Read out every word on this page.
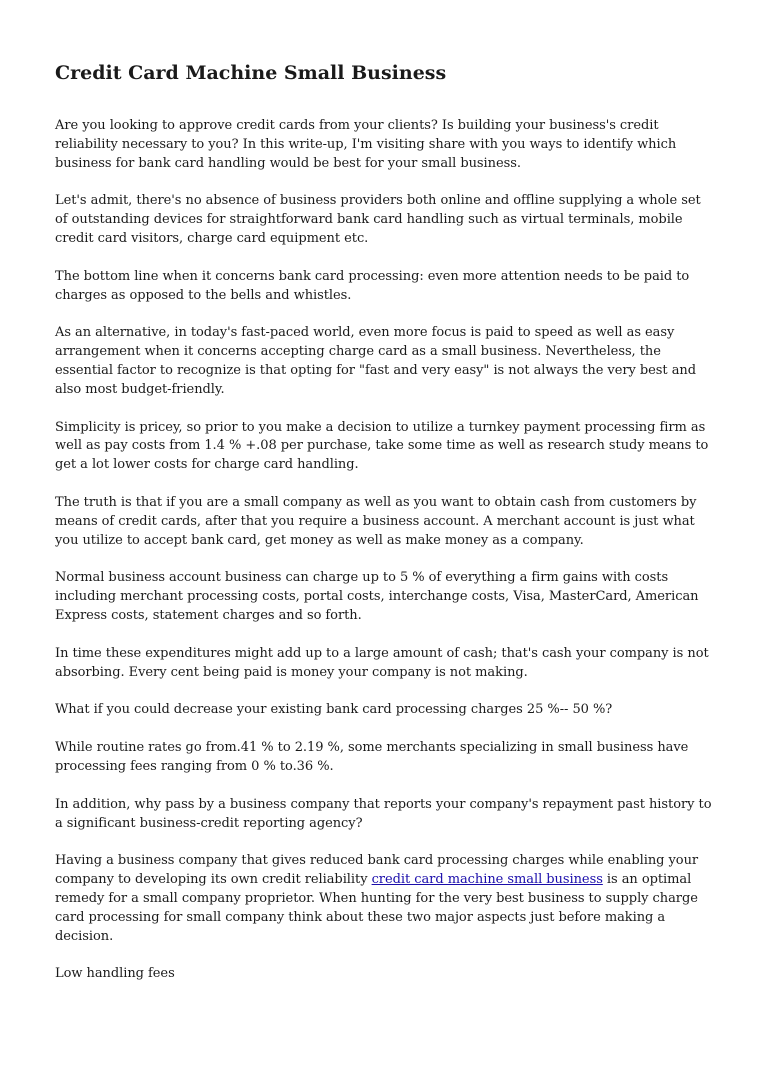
Credit Card Machine Small Business

Are you looking to approve credit cards from your clients? Is building your business's credit reliability necessary to you? In this write-up, I'm visiting share with you ways to identify which business for bank card handling would be best for your small business.

Let's admit, there's no absence of business providers both online and offline supplying a whole set of outstanding devices for straightforward bank card handling such as virtual terminals, mobile credit card visitors, charge card equipment etc.

The bottom line when it concerns bank card processing: even more attention needs to be paid to charges as opposed to the bells and whistles.

As an alternative, in today's fast-paced world, even more focus is paid to speed as well as easy arrangement when it concerns accepting charge card as a small business. Nevertheless, the essential factor to recognize is that opting for "fast and very easy" is not always the very best and also most budget-friendly.

Simplicity is pricey, so prior to you make a decision to utilize a turnkey payment processing firm as well as pay costs from 1.4 % +.08 per purchase, take some time as well as research study means to get a lot lower costs for charge card handling.

The truth is that if you are a small company as well as you want to obtain cash from customers by means of credit cards, after that you require a business account. A merchant account is just what you utilize to accept bank card, get money as well as make money as a company.

Normal business account business can charge up to 5 % of everything a firm gains with costs including merchant processing costs, portal costs, interchange costs, Visa, MasterCard, American Express costs, statement charges and so forth.

In time these expenditures might add up to a large amount of cash; that's cash your company is not absorbing. Every cent being paid is money your company is not making.

What if you could decrease your existing bank card processing charges 25 %-- 50 %?

While routine rates go from.41 % to 2.19 %, some merchants specializing in small business have processing fees ranging from 0 % to.36 %.

In addition, why pass by a business company that reports your company's repayment past history to a significant business-credit reporting agency?

Having a business company that gives reduced bank card processing charges while enabling your company to developing its own credit reliability credit card machine small business is an optimal remedy for a small company proprietor. When hunting for the very best business to supply charge card processing for small company think about these two major aspects just before making a decision.

Low handling fees
